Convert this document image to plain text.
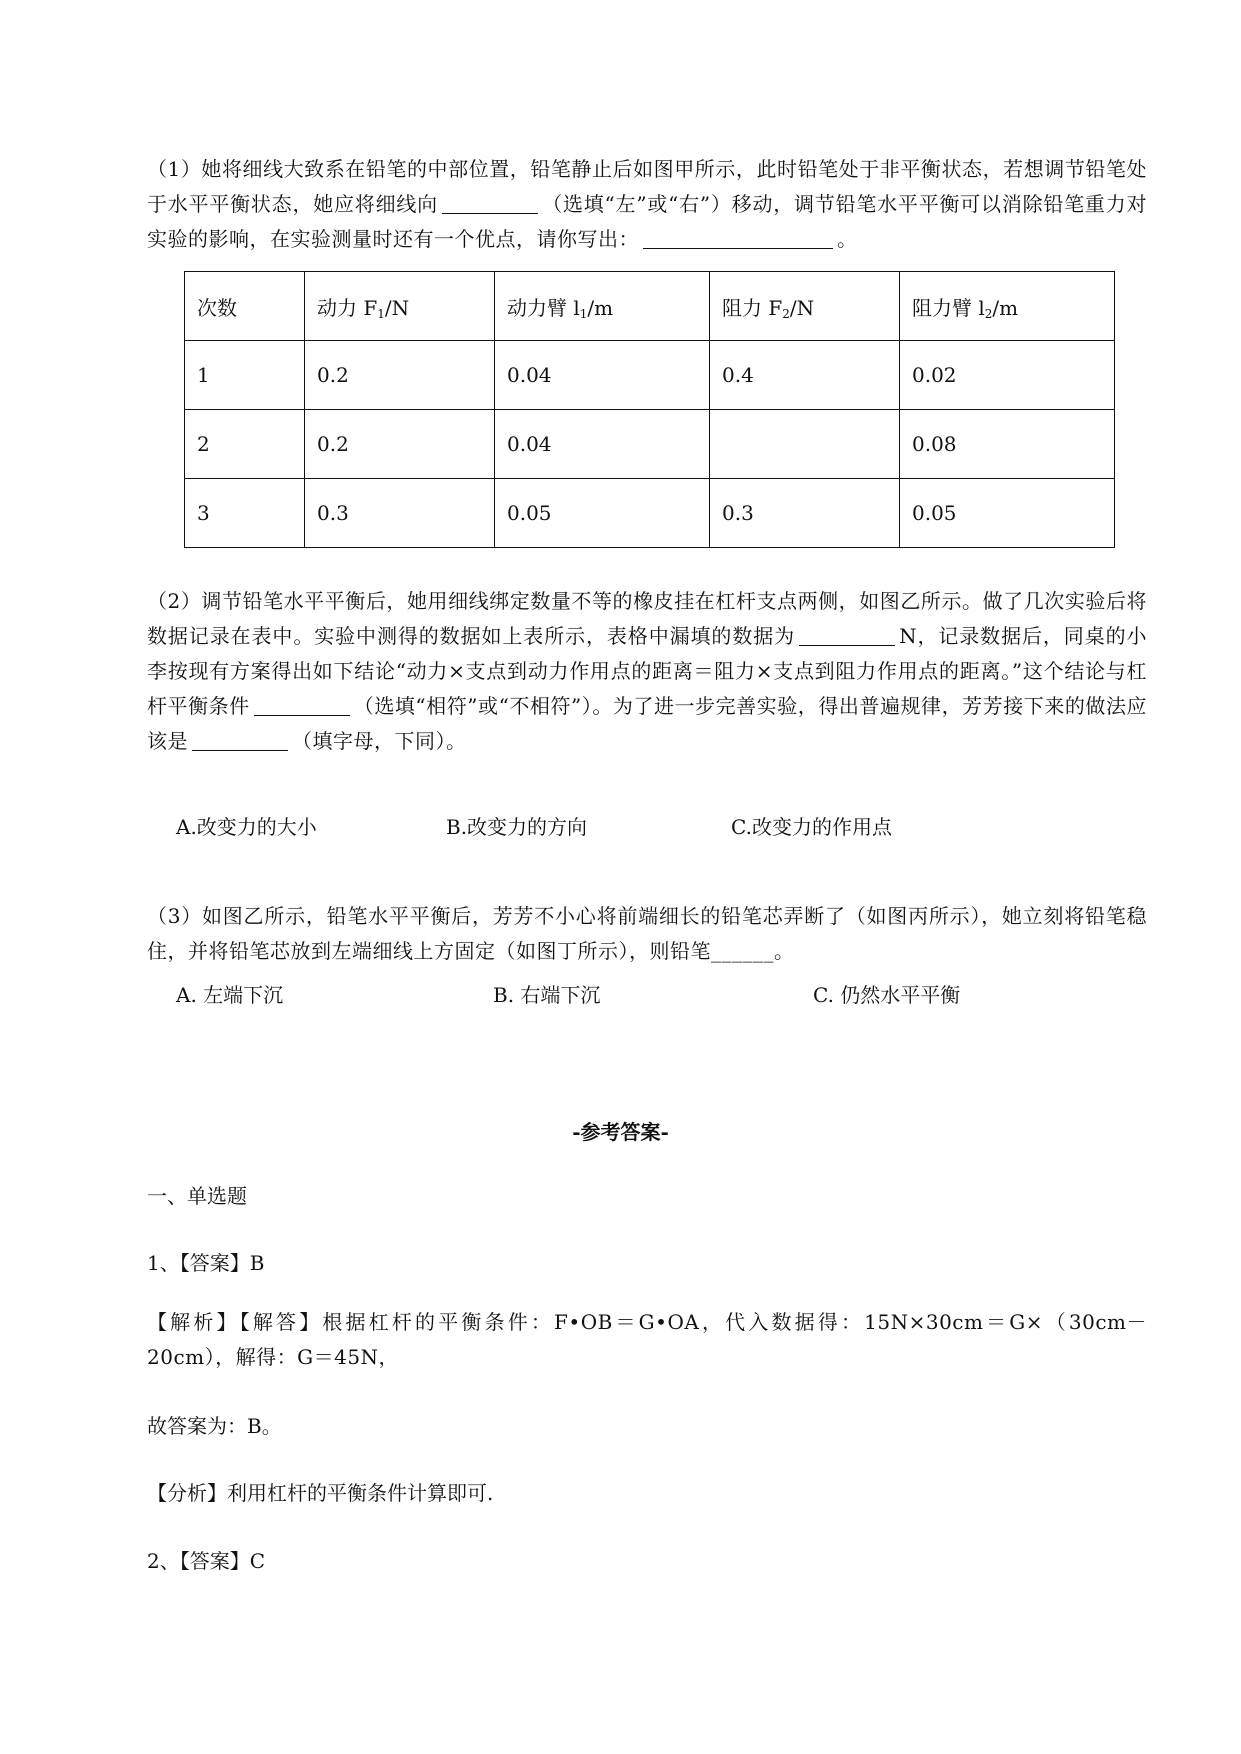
（1）她将细线大致系在铅笔的中部位置，铅笔静止后如图甲所示，此时铅笔处于非平衡状态，若想调节铅笔处于水平平衡状态，她应将细线向	（选填“左”或“右”）移动，调节铅笔水平平衡可以消除铅笔重力对实验的影响，在实验测量时还有一个优点，请你写出：	。
次数	动力 $F_1/N$	动力臂 $l_1/m$	阻力 $F_2/N$	阻力臂 $l_2/m$
1	0.2	0.04	0.4	0.02
2	0.2	0.04		0.08
3	0.3	0.05	0.3	0.05
（2）调节铅笔水平平衡后，她用细线绑定数量不等的橡皮挂在杠杆支点两侧，如图乙所示。做了几次实验后将数据记录在表中。实验中测得的数据如上表所示，表格中漏填的数据为	N，记录数据后，同桌的小李按现有方案得出如下结论“动力×支点到动力作用点的距离＝阻力×支点到阻力作用点的距离。”这个结论与杠杆平衡条件	（选填“相符”或“不相符”）。为了进一步完善实验，得出普遍规律，芳芳接下来的做法应该是	（填字母，下同）。
A.改变力的大小	B.改变力的方向	C.改变力的作用点
（3）如图乙所示，铅笔水平平衡后，芳芳不小心将前端细长的铅笔芯弄断了（如图丙所示），她立刻将铅笔稳住，并将铅笔芯放到左端细线上方固定（如图丁所示），则铅笔______。
A. 左端下沉	B. 右端下沉	C. 仍然水平平衡
-参考答案-
一、单选题
1、【答案】B
【解析】【解答】根据杠杆的平衡条件：F•OB＝G•OA，代入数据得：15N×30cm＝G×（30cm－20cm），解得：G＝45N，
故答案为：B。
【分析】利用杠杆的平衡条件计算即可.
2、【答案】C
